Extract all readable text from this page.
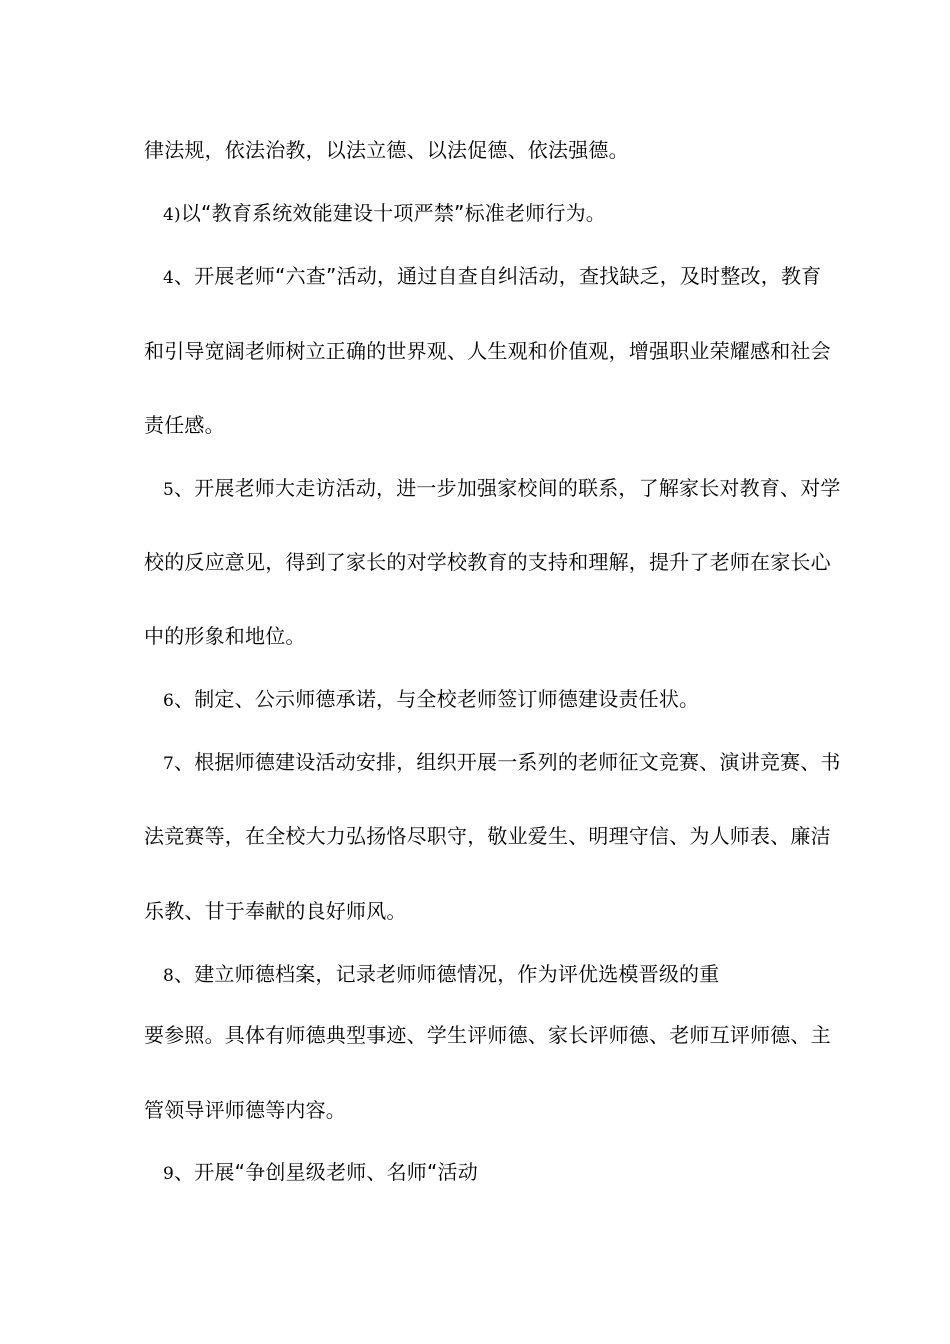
律法规，依法治教，以法立德、以法促德、依法强德。
4)以“教育系统效能建设十项严禁”标准老师行为。
4、开展老师“六查”活动，通过自查自纠活动，查找缺乏，及时整改，教育
和引导宽阔老师树立正确的世界观、人生观和价值观，增强职业荣耀感和社会
责任感。
5、开展老师大走访活动，进一步加强家校间的联系，了解家长对教育、对学
校的反应意见，得到了家长的对学校教育的支持和理解，提升了老师在家长心
中的形象和地位。
6、制定、公示师德承诺，与全校老师签订师德建设责任状。
7、根据师德建设活动安排，组织开展一系列的老师征文竞赛、演讲竞赛、书
法竞赛等，在全校大力弘扬恪尽职守，敬业爱生、明理守信、为人师表、廉洁
乐教、甘于奉献的良好师风。
8、建立师德档案，记录老师师德情况，作为评优选模晋级的重
要参照。具体有师德典型事迹、学生评师德、家长评师德、老师互评师德、主
管领导评师德等内容。
9、开展“争创星级老师、名师“活动
